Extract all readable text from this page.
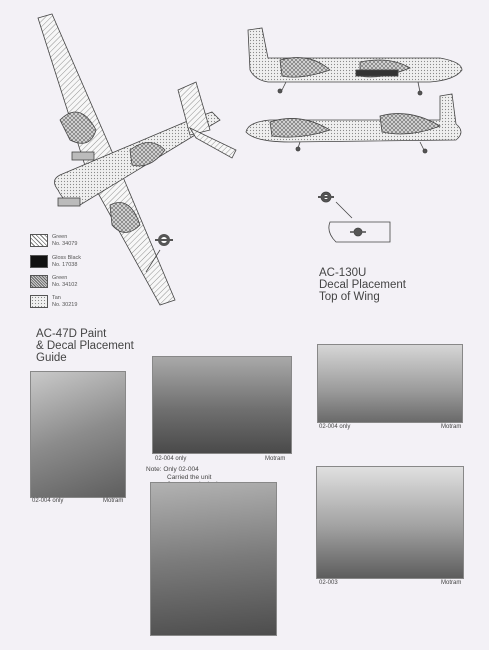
Green
No. 34079
Gloss Black
No. 17038
Green
No. 34102
Tan
No. 30219
AC-130U
Decal Placement
Top of Wing
AC-47D Paint
& Decal Placement
Guide
02-004 only	Motram
02-004 only	Motram
02-004 only	Motram
Note: Only 02-004
Carried the unit
02-003	Motram
